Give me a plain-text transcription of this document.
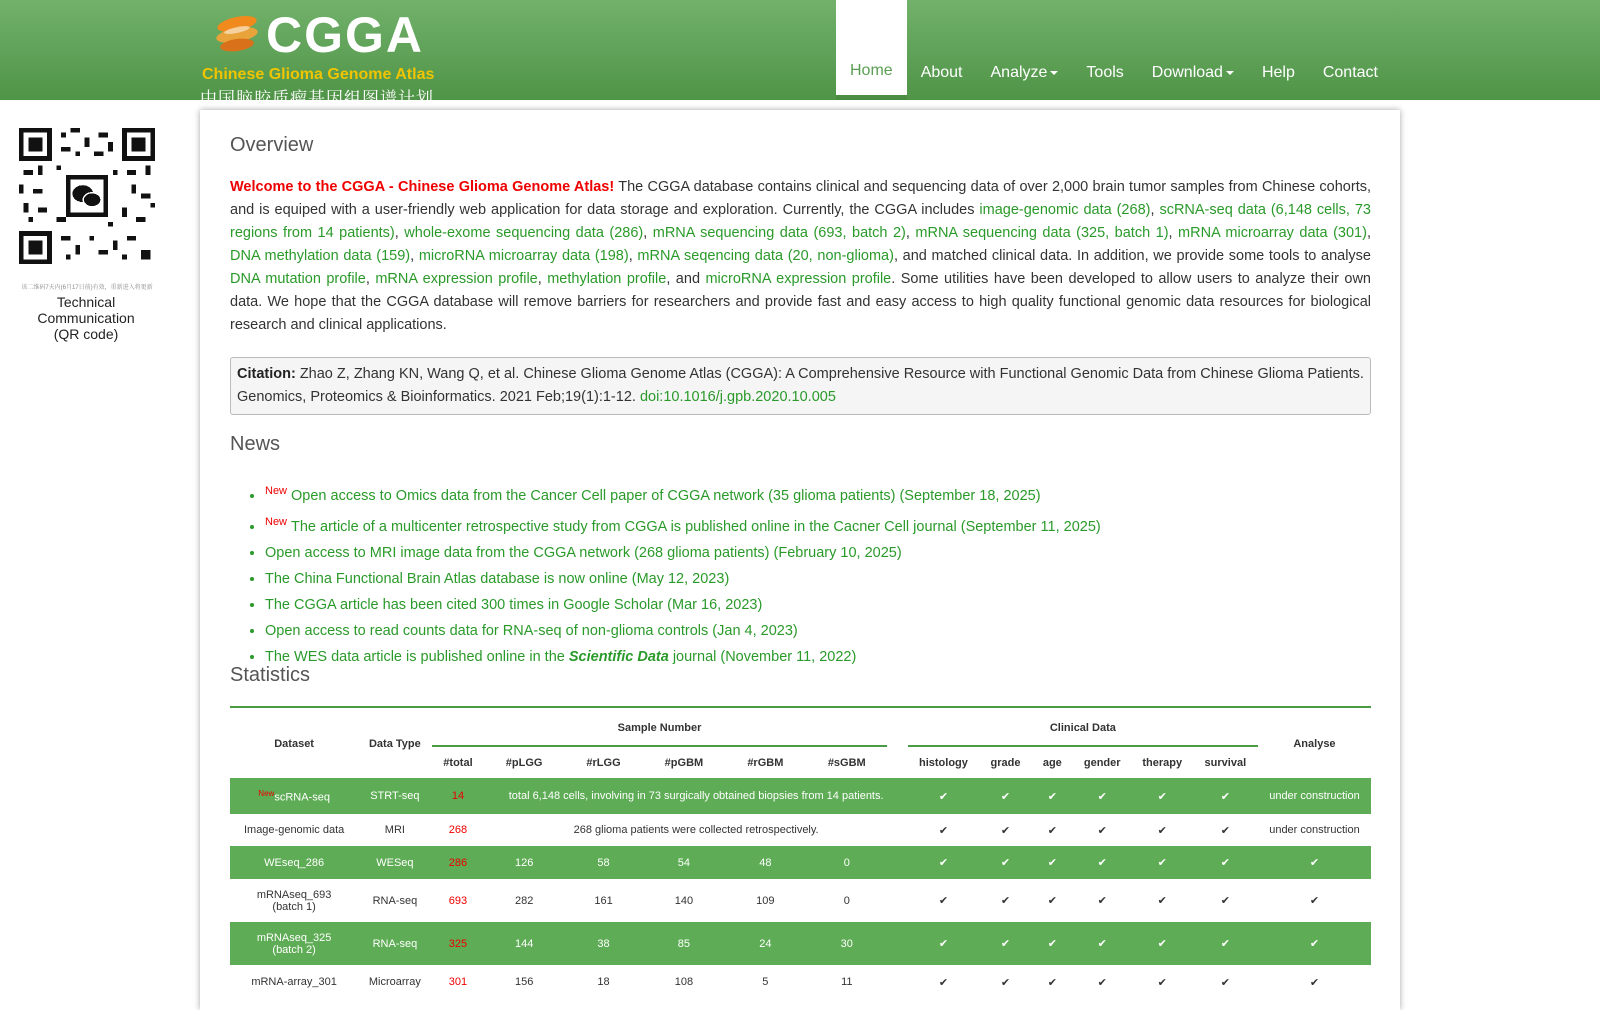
CGGA
Chinese Glioma Genome Atlas
中国脑胶质瘤基因组图谱计划
Home About Analyze Tools Download Help Contact
该二维码7天内(6月17日前)有效，重新进入将更新
Technical
Communication
(QR code)
Overview
Welcome to the CGGA - Chinese Glioma Genome Atlas! The CGGA database contains clinical and sequencing data of over 2,000 brain tumor samples from Chinese cohorts, and is equiped with a user-friendly web application for data storage and exploration. Currently, the CGGA includes image-genomic data (268), scRNA-seq data (6,148 cells, 73 regions from 14 patients), whole-exome sequencing data (286), mRNA sequencing data (693, batch 2), mRNA sequencing data (325, batch 1), mRNA microarray data (301), DNA methylation data (159), microRNA microarray data (198), mRNA seqencing data (20, non-glioma), and matched clinical data. In addition, we provide some tools to analyse DNA mutation profile, mRNA expression profile, methylation profile, and microRNA expression profile. Some utilities have been developed to allow users to analyze their own data. We hope that the CGGA database will remove barriers for researchers and provide fast and easy access to high quality functional genomic data resources for biological research and clinical applications.
Citation: Zhao Z, Zhang KN, Wang Q, et al. Chinese Glioma Genome Atlas (CGGA): A Comprehensive Resource with Functional Genomic Data from Chinese Glioma Patients. Genomics, Proteomics & Bioinformatics. 2021 Feb;19(1):1-12. doi:10.1016/j.gpb.2020.10.005
News
• $^{New}$ Open access to Omics data from the Cancer Cell paper of CGGA network (35 glioma patients) (September 18, 2025)
• $^{New}$ The article of a multicenter retrospective study from CGGA is published online in the Cacner Cell journal (September 11, 2025)
• Open access to MRI image data from the CGGA network (268 glioma patients) (February 10, 2025)
• The China Functional Brain Atlas database is now online (May 12, 2023)
• The CGGA article has been cited 300 times in Google Scholar (Mar 16, 2023)
• Open access to read counts data for RNA-seq of non-glioma controls (Jan 4, 2023)
• The WES data article is published online in the Scientific Data journal (November 11, 2022)
Statistics
Dataset	Data Type	Sample Number							Clinical Data						Analyse
		#total	#pLGG	#rLGG	#pGBM	#rGBM	#sGBM		histology	grade	age	gender	therapy	survival	
$^{New}$scRNA-seq	STRT-seq	14	total 6,148 cells, involving in 73 surgically obtained biopsies from 14 patients.						✔	✔	✔	✔	✔	✔	under construction
Image-genomic data	MRI	268	268 glioma patients were collected retrospectively.						✔	✔	✔	✔	✔	✔	under construction
WEseq_286	WESeq	286	126	58	54	48	0		✔	✔	✔	✔	✔	✔	✔

mRNAseq_693
(batch 1)	RNA-seq	693	282	161	140	109	0		✔	✔	✔	✔	✔	✔	✔

mRNAseq_325
(batch 2)	RNA-seq	325	144	38	85	24	30		✔	✔	✔	✔	✔	✔	✔
mRNA-array_301	Microarray	301	156	18	108	5	11		✔	✔	✔	✔	✔	✔	✔
